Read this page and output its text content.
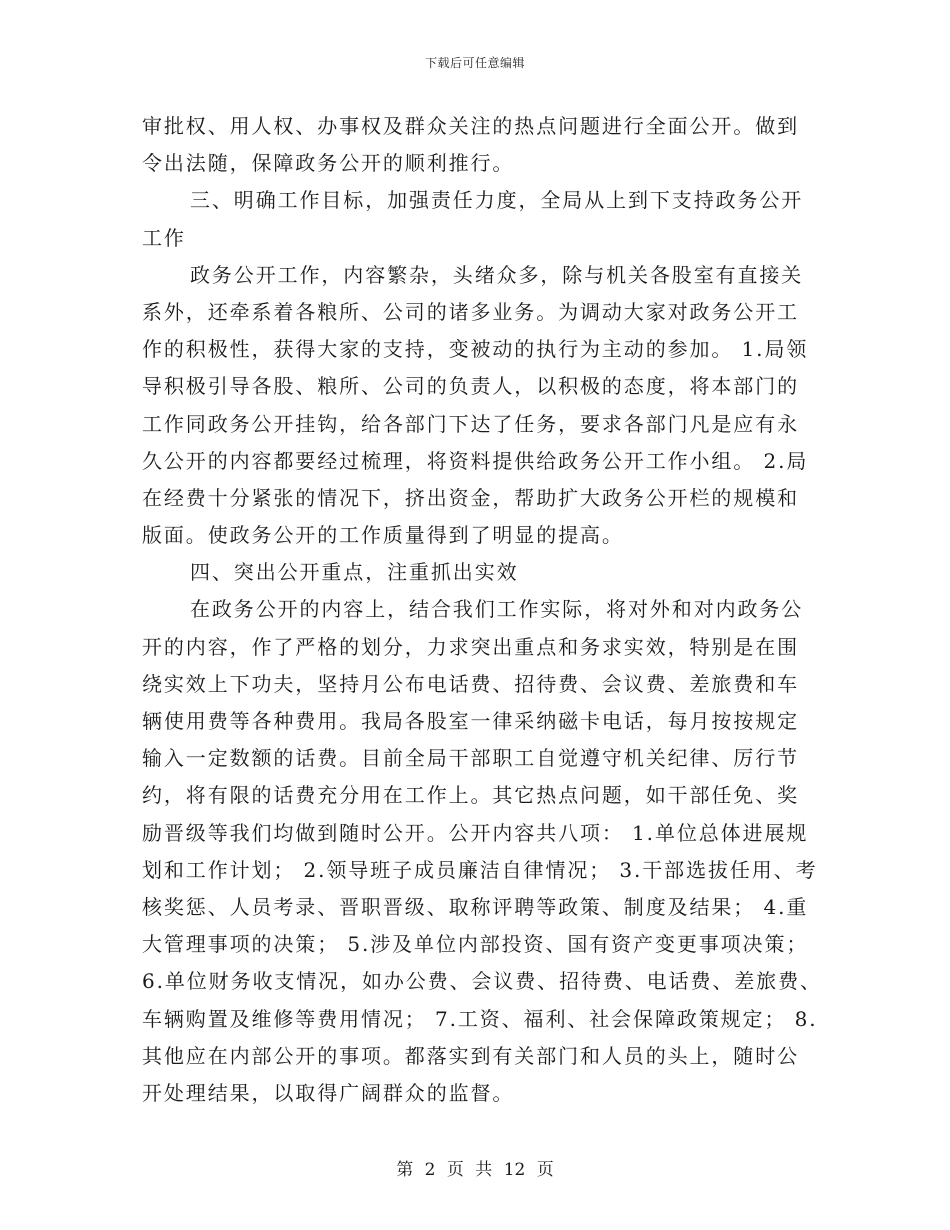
下载后可任意编辑
审批权、用人权、办事权及群众关注的热点问题进行全面公开。做到
令出法随，保障政务公开的顺利推行。
三、明确工作目标，加强责任力度，全局从上到下支持政务公开
工作
政务公开工作，内容繁杂，头绪众多，除与机关各股室有直接关
系外，还牵系着各粮所、公司的诸多业务。为调动大家对政务公开工
作的积极性，获得大家的支持，变被动的执行为主动的参加。 1.局领
导积极引导各股、粮所、公司的负责人，以积极的态度，将本部门的
工作同政务公开挂钩，给各部门下达了任务，要求各部门凡是应有永
久公开的内容都要经过梳理，将资料提供给政务公开工作小组。 2.局
在经费十分紧张的情况下，挤出资金，帮助扩大政务公开栏的规模和
版面。使政务公开的工作质量得到了明显的提高。
四、突出公开重点，注重抓出实效
在政务公开的内容上，结合我们工作实际，将对外和对内政务公
开的内容，作了严格的划分，力求突出重点和务求实效，特别是在围
绕实效上下功夫，坚持月公布电话费、招待费、会议费、差旅费和车
辆使用费等各种费用。我局各股室一律采纳磁卡电话，每月按按规定
输入一定数额的话费。目前全局干部职工自觉遵守机关纪律、厉行节
约，将有限的话费充分用在工作上。其它热点问题，如干部任免、奖
励晋级等我们均做到随时公开。公开内容共八项： 1.单位总体进展规
划和工作计划； 2.领导班子成员廉洁自律情况； 3.干部选拔任用、考
核奖惩、人员考录、晋职晋级、取称评聘等政策、制度及结果； 4.重
大管理事项的决策； 5.涉及单位内部投资、国有资产变更事项决策；
6.单位财务收支情况，如办公费、会议费、招待费、电话费、差旅费、
车辆购置及维修等费用情况； 7.工资、福利、社会保障政策规定； 8.
其他应在内部公开的事项。都落实到有关部门和人员的头上，随时公
开处理结果，以取得广阔群众的监督。
第 2 页 共 12 页
